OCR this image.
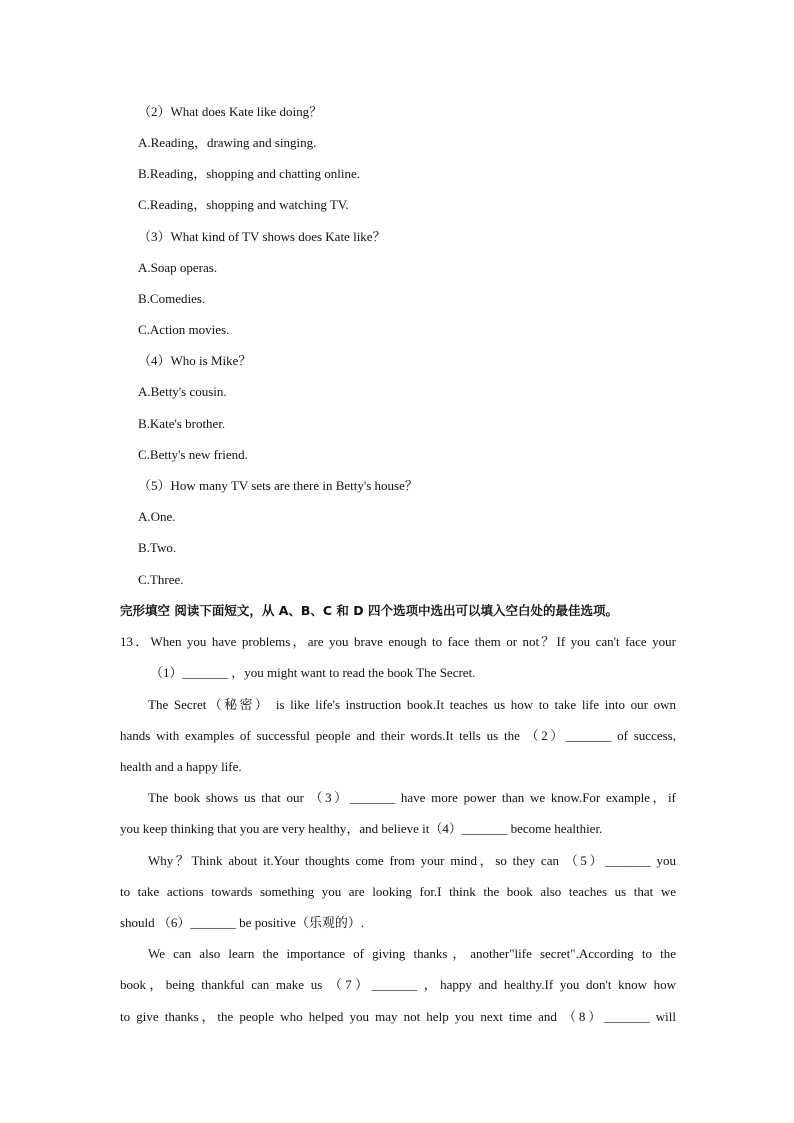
（2）What does Kate like doing？
A.Reading，drawing and singing.
B.Reading，shopping and chatting online.
C.Reading，shopping and watching TV.
（3）What kind of TV shows does Kate like？
A.Soap operas.
B.Comedies.
C.Action movies.
（4）Who is Mike？
A.Betty's cousin.
B.Kate's brother.
C.Betty's new friend.
（5）How many TV sets are there in Betty's house？
A.One.
B.Two.
C.Three.
完形填空 阅读下面短文，从 A、B、C 和 D 四个选项中选出可以填入空白处的最佳选项。
13．When you have problems，are you brave enough to face them or not？If you can't face your
（1）_______ ，you might want to read the book The Secret.
The Secret（秘密） is like life's instruction book.It teaches us how to take life into our own
hands with examples of successful people and their words.It tells us the （2）_______ of success,
health and a happy life.
The book shows us that our （3）_______ have more power than we know.For example，if
you keep thinking that you are very healthy，and believe it（4）_______ become healthier.
Why？Think about it.Your thoughts come from your mind，so they can （5）_______ you
to take actions towards something you are looking for.I think the book also teaches us that we
should （6）_______ be positive（乐观的）.
We can also learn the importance of giving thanks，another"life secret".According to the
book，being thankful can make us （7）_______ ，happy and healthy.If you don't know how
to give thanks，the people who helped you may not help you next time and （8）_______ will
